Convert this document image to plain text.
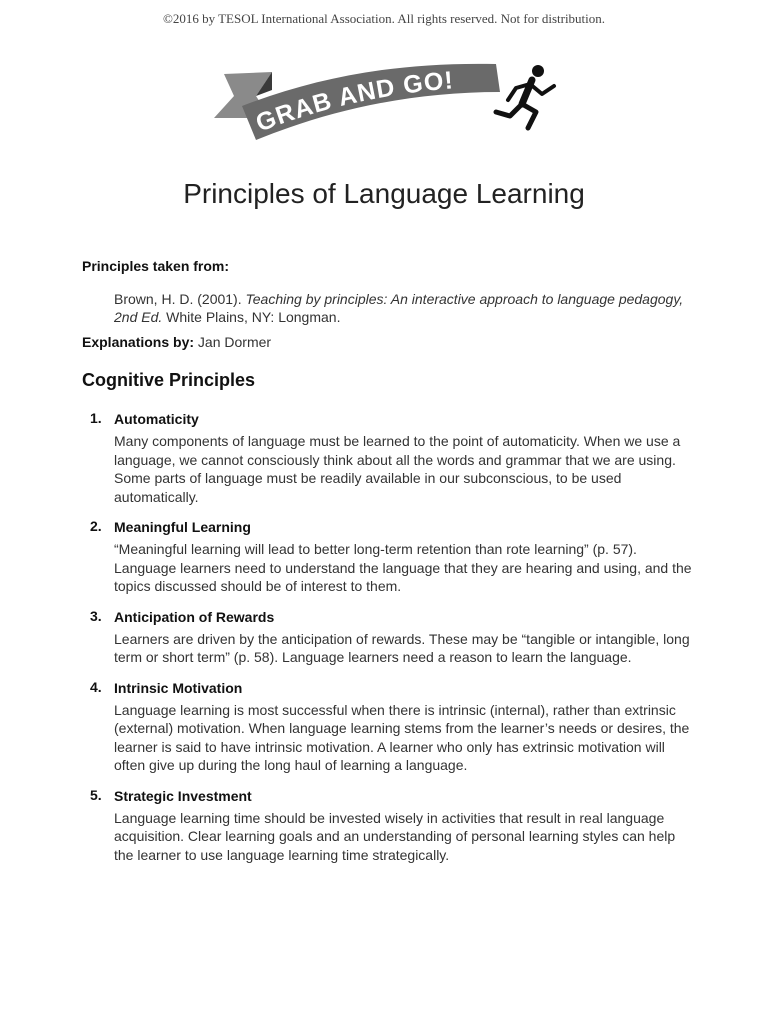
©2016 by TESOL International Association. All rights reserved. Not for distribution.
GRAB AND GO!
Principles of Language Learning
Principles taken from:
Brown, H. D. (2001). Teaching by principles: An interactive approach to language pedagogy, 2nd Ed. White Plains, NY: Longman.
Explanations by: Jan Dormer
Cognitive Principles
1. Automaticity
Many components of language must be learned to the point of automaticity. When we use a language, we cannot consciously think about all the words and grammar that we are using. Some parts of language must be readily available in our subconscious, to be used automatically.
2. Meaningful Learning
“Meaningful learning will lead to better long-term retention than rote learning” (p. 57). Language learners need to understand the language that they are hearing and using, and the topics discussed should be of interest to them.
3. Anticipation of Rewards
Learners are driven by the anticipation of rewards. These may be “tangible or intangible, long term or short term” (p. 58). Language learners need a reason to learn the language.
4. Intrinsic Motivation
Language learning is most successful when there is intrinsic (internal), rather than extrinsic (external) motivation. When language learning stems from the learner’s needs or desires, the learner is said to have intrinsic motivation. A learner who only has extrinsic motivation will often give up during the long haul of learning a language.
5. Strategic Investment
Language learning time should be invested wisely in activities that result in real language acquisition. Clear learning goals and an understanding of personal learning styles can help the learner to use language learning time strategically.
